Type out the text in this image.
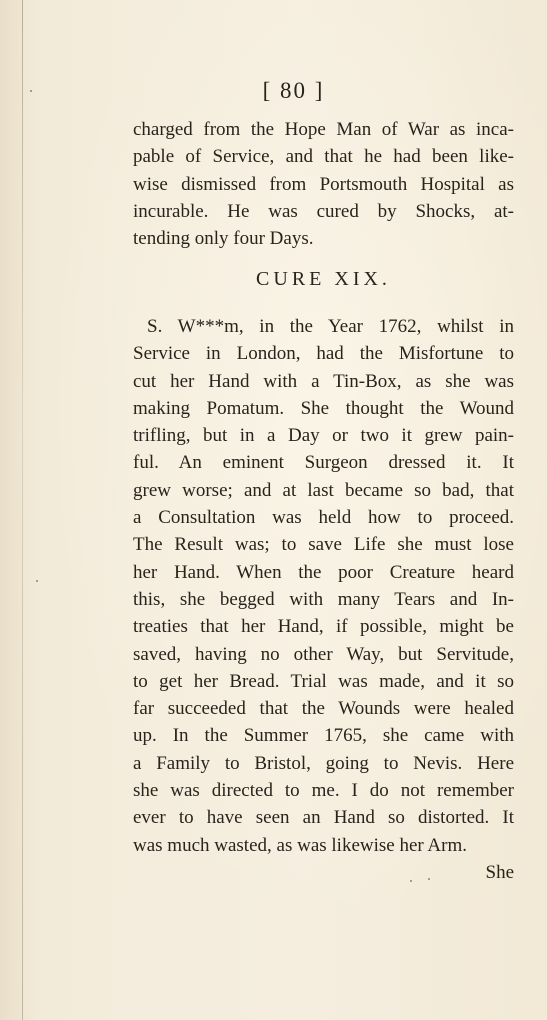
[ 80 ]
charged from the Hope Man of War as inca-
pable of Service, and that he had been like-
wise dismissed from Portsmouth Hospital as
incurable. He was cured by Shocks, at-
tending only four Days.
CURE XIX.
S. W***m, in the Year 1762, whilst in
Service in London, had the Misfortune to
cut her Hand with a Tin-Box, as she was
making Pomatum. She thought the Wound
trifling, but in a Day or two it grew pain-
ful. An eminent Surgeon dressed it. It
grew worse; and at last became so bad, that
a Consultation was held how to proceed.
The Result was; to save Life she must lose
her Hand. When the poor Creature heard
this, she begged with many Tears and In-
treaties that her Hand, if possible, might be
saved, having no other Way, but Servitude,
to get her Bread. Trial was made, and it so
far succeeded that the Wounds were healed
up. In the Summer 1765, she came with
a Family to Bristol, going to Nevis. Here
she was directed to me. I do not remember
ever to have seen an Hand so distorted. It
was much wasted, as was likewise her Arm.
She
